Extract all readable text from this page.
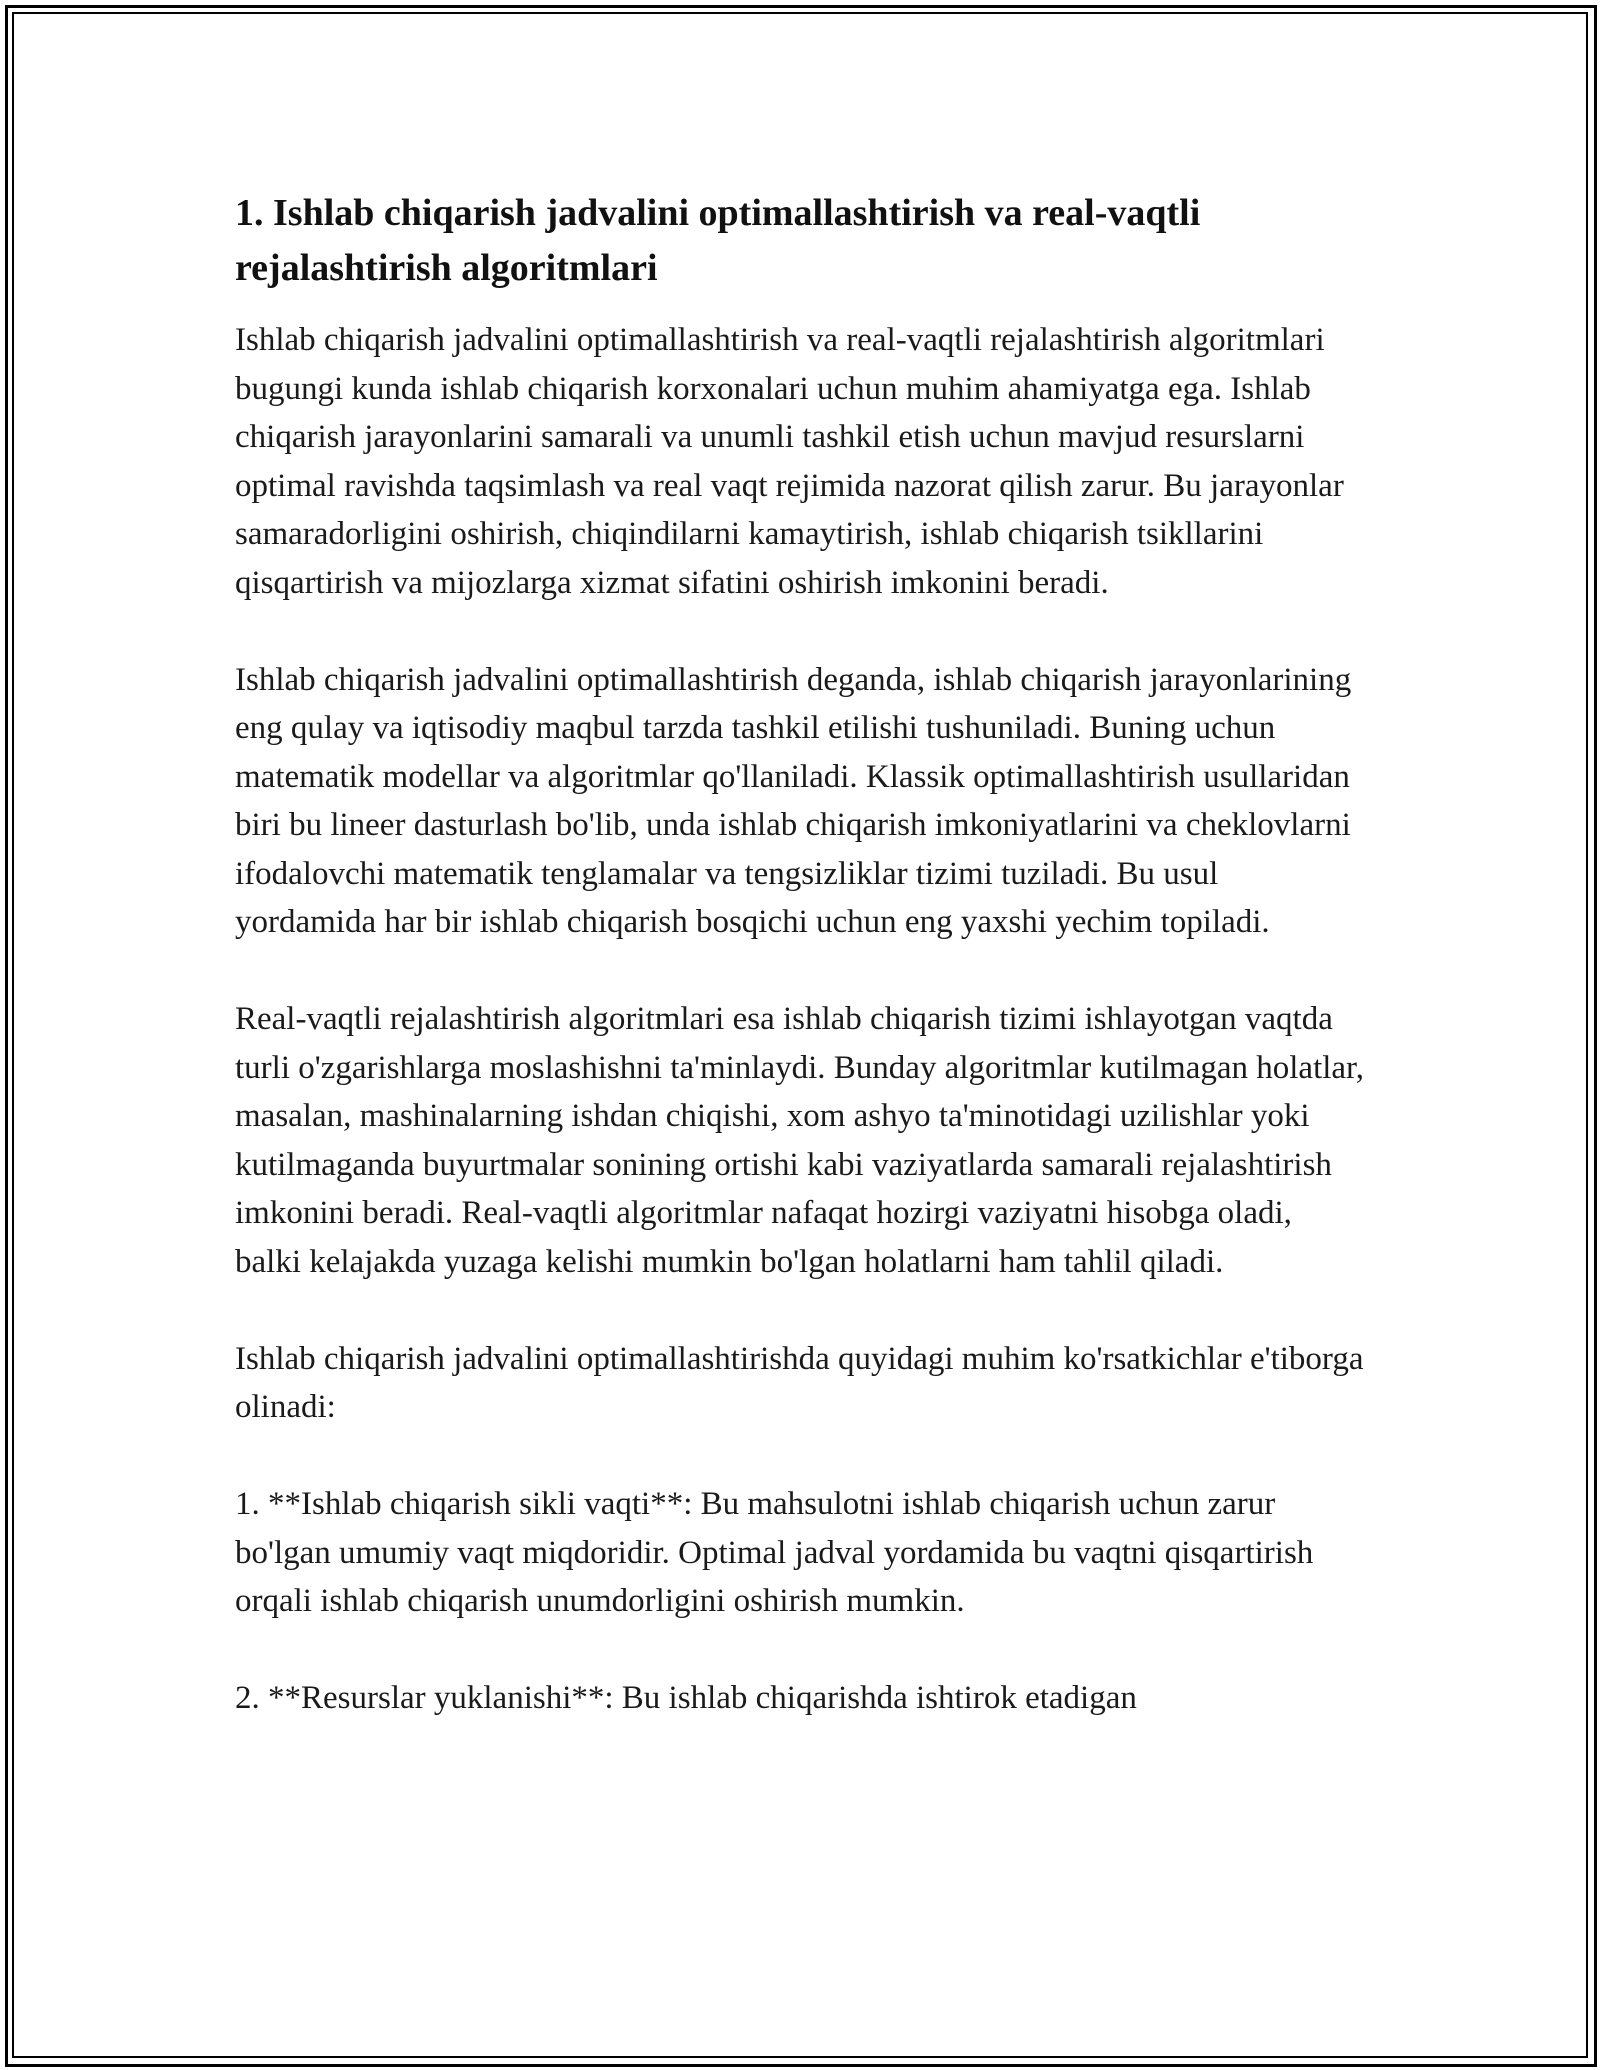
1. Ishlab chiqarish jadvalini optimallashtirish va real-vaqtli rejalashtirish algoritmlari

Ishlab chiqarish jadvalini optimallashtirish va real-vaqtli rejalashtirish algoritmlari bugungi kunda ishlab chiqarish korxonalari uchun muhim ahamiyatga ega. Ishlab chiqarish jarayonlarini samarali va unumli tashkil etish uchun mavjud resurslarni optimal ravishda taqsimlash va real vaqt rejimida nazorat qilish zarur. Bu jarayonlar samaradorligini oshirish, chiqindilarni kamaytirish, ishlab chiqarish tsikllarini qisqartirish va mijozlarga xizmat sifatini oshirish imkonini beradi.

Ishlab chiqarish jadvalini optimallashtirish deganda, ishlab chiqarish jarayonlarining eng qulay va iqtisodiy maqbul tarzda tashkil etilishi tushuniladi. Buning uchun matematik modellar va algoritmlar qo'llaniladi. Klassik optimallashtirish usullaridan biri bu lineer dasturlash bo'lib, unda ishlab chiqarish imkoniyatlarini va cheklovlarni ifodalovchi matematik tenglamalar va tengsizliklar tizimi tuziladi. Bu usul yordamida har bir ishlab chiqarish bosqichi uchun eng yaxshi yechim topiladi.

Real-vaqtli rejalashtirish algoritmlari esa ishlab chiqarish tizimi ishlayotgan vaqtda turli o'zgarishlarga moslashishni ta'minlaydi. Bunday algoritmlar kutilmagan holatlar, masalan, mashinalarning ishdan chiqishi, xom ashyo ta'minotidagi uzilishlar yoki kutilmaganda buyurtmalar sonining ortishi kabi vaziyatlarda samarali rejalashtirish imkonini beradi. Real-vaqtli algoritmlar nafaqat hozirgi vaziyatni hisobga oladi, balki kelajakda yuzaga kelishi mumkin bo'lgan holatlarni ham tahlil qiladi.

Ishlab chiqarish jadvalini optimallashtirishda quyidagi muhim ko'rsatkichlar e'tiborga olinadi:

1. **Ishlab chiqarish sikli vaqti**: Bu mahsulotni ishlab chiqarish uchun zarur bo'lgan umumiy vaqt miqdoridir. Optimal jadval yordamida bu vaqtni qisqartirish orqali ishlab chiqarish unumdorligini oshirish mumkin.

2. **Resurslar yuklanishi**: Bu ishlab chiqarishda ishtirok etadigan
